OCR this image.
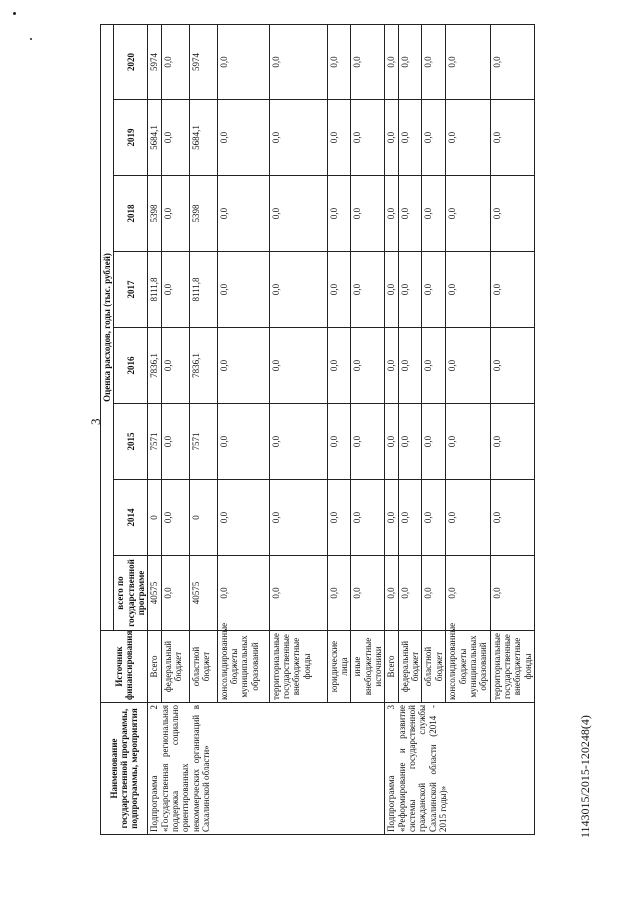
3
1143015/2015-120248(4)
Наименование государственной программы, подпрограммы, мероприятия	Источник финансирования	Оценка расходов, годы (тыс. рублей)							
		всего по государственной программе	2014	2015	2016	2017	2018	2019	2020
Подпрограмма 2 «Государственная региональная поддержка социально ориентированных некоммерческих организаций в Сахалинской области»	Всего	40575	0	7571	7836,1	8111,8	5398	5684,1	5974
	федеральный бюджет	0,0	0,0	0,0	0,0	0,0	0,0	0,0	0,0
	областной бюджет	40575	0	7571	7836,1	8111,8	5398	5684,1	5974
	консолидированные бюджеты муниципальных образований	0,0	0,0	0,0	0,0	0,0	0,0	0,0	0,0
	территориальные государственные внебюджетные фонды	0,0	0,0	0,0	0,0	0,0	0,0	0,0	0,0
	юридические лица	0,0	0,0	0,0	0,0	0,0	0,0	0,0	0,0
	иные внебюджетные источники	0,0	0,0	0,0	0,0	0,0	0,0	0,0	0,0
Подпрограмма 3 «Реформирование и развитие системы государственной гражданской службы Сахалинской области (2014 - 2015 годы)»	Всего	0,0	0,0	0,0	0,0	0,0	0,0	0,0	0,0
	федеральный бюджет	0,0	0,0	0,0	0,0	0,0	0,0	0,0	0,0
	областной бюджет	0,0	0,0	0,0	0,0	0,0	0,0	0,0	0,0
	консолидированные бюджеты муниципальных образований	0,0	0,0	0,0	0,0	0,0	0,0	0,0	0,0
	территориальные государственные внебюджетные фонды	0,0	0,0	0,0	0,0	0,0	0,0	0,0	0,0
